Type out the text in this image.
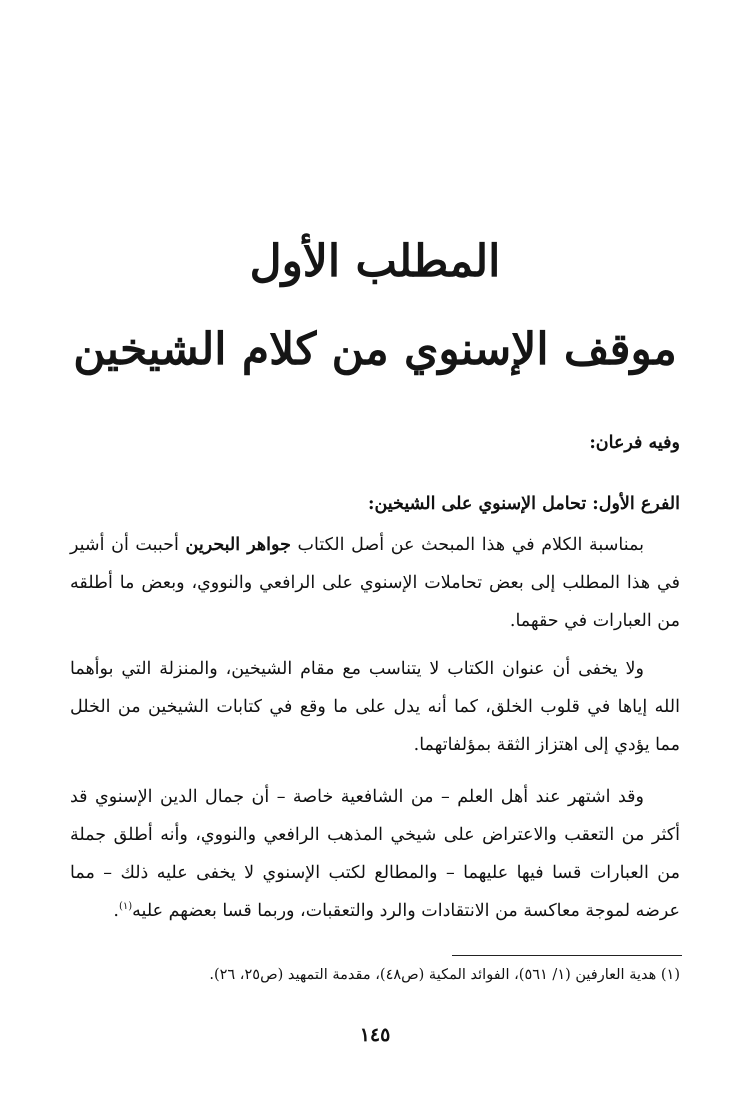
المطلب الأول
موقف الإسنوي من كلام الشيخين
وفيه فرعان:
الفرع الأول: تحامل الإسنوي على الشيخين:

بمناسبة الكلام في هذا المبحث عن أصل الكتاب جواهر البحرين أحببت أن أشير في هذا المطلب إلى بعض تحاملات الإسنوي على الرافعي والنووي، وبعض ما أطلقه من العبارات في حقهما.

ولا يخفى أن عنوان الكتاب لا يتناسب مع مقام الشيخين، والمنزلة التي بوأهما الله إياها في قلوب الخلق، كما أنه يدل على ما وقع في كتابات الشيخين من الخلل مما يؤدي إلى اهتزاز الثقة بمؤلفاتهما.

وقد اشتهر عند أهل العلم – من الشافعية خاصة – أن جمال الدين الإسنوي قد أكثر من التعقب والاعتراض على شيخي المذهب الرافعي والنووي، وأنه أطلق جملة من العبارات قسا فيها عليهما – والمطالع لكتب الإسنوي لا يخفى عليه ذلك – مما عرضه لموجة معاكسة من الانتقادات والرد والتعقبات، وربما قسا بعضهم عليه$^{(١)}$.

(١) هدية العارفين (١/ ٥٦١)، الفوائد المكية (ص٤٨)، مقدمة التمهيد (ص٢٥، ٢٦).
١٤٥
